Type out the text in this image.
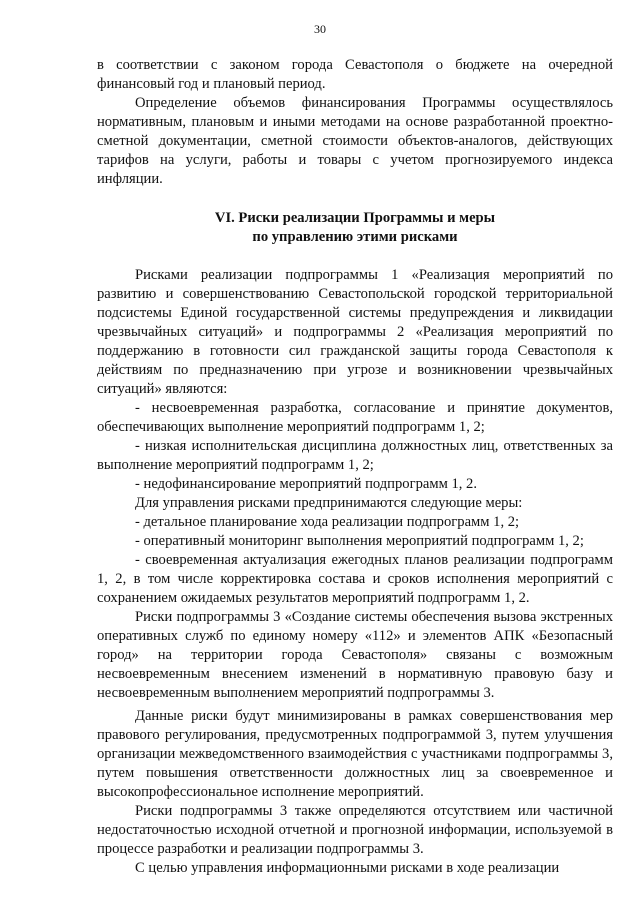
30

в соответствии с законом города Севастополя о бюджете на очередной финансовый год и плановый период.

Определение объемов финансирования Программы осуществлялось нормативным, плановым и иными методами на основе разработанной проектно-сметной документации, сметной стоимости объектов-аналогов, действующих тарифов на услуги, работы и товары с учетом прогнозируемого индекса инфляции.

VI. Риски реализации Программы и меры
по управлению этими рисками

Рисками реализации подпрограммы 1 «Реализация мероприятий по развитию и совершенствованию Севастопольской городской территориальной подсистемы Единой государственной системы предупреждения и ликвидации чрезвычайных ситуаций» и подпрограммы 2 «Реализация мероприятий по поддержанию в готовности сил гражданской защиты города Севастополя к действиям по предназначению при угрозе и возникновении чрезвычайных ситуаций» являются:

- несвоевременная разработка, согласование и принятие документов, обеспечивающих выполнение мероприятий подпрограмм 1, 2;

- низкая исполнительская дисциплина должностных лиц, ответственных за выполнение мероприятий подпрограмм 1, 2;

- недофинансирование мероприятий подпрограмм 1, 2.

Для управления рисками предпринимаются следующие меры:

- детальное планирование хода реализации подпрограмм 1, 2;

- оперативный мониторинг выполнения мероприятий подпрограмм 1, 2;

- своевременная актуализация ежегодных планов реализации подпрограмм 1, 2, в том числе корректировка состава и сроков исполнения мероприятий с сохранением ожидаемых результатов мероприятий подпрограмм 1, 2.

Риски подпрограммы 3 «Создание системы обеспечения вызова экстренных оперативных служб по единому номеру «112» и элементов АПК «Безопасный город» на территории города Севастополя» связаны с возможным несвоевременным внесением изменений в нормативную правовую базу и несвоевременным выполнением мероприятий подпрограммы 3.

Данные риски будут минимизированы в рамках совершенствования мер правового регулирования, предусмотренных подпрограммой 3, путем улучшения организации межведомственного взаимодействия с участниками подпрограммы 3, путем повышения ответственности должностных лиц за своевременное и высокопрофессиональное исполнение мероприятий.

Риски подпрограммы 3 также определяются отсутствием или частичной недостаточностью исходной отчетной и прогнозной информации, используемой в процессе разработки и реализации подпрограммы 3.

С целью управления информационными рисками в ходе реализации
